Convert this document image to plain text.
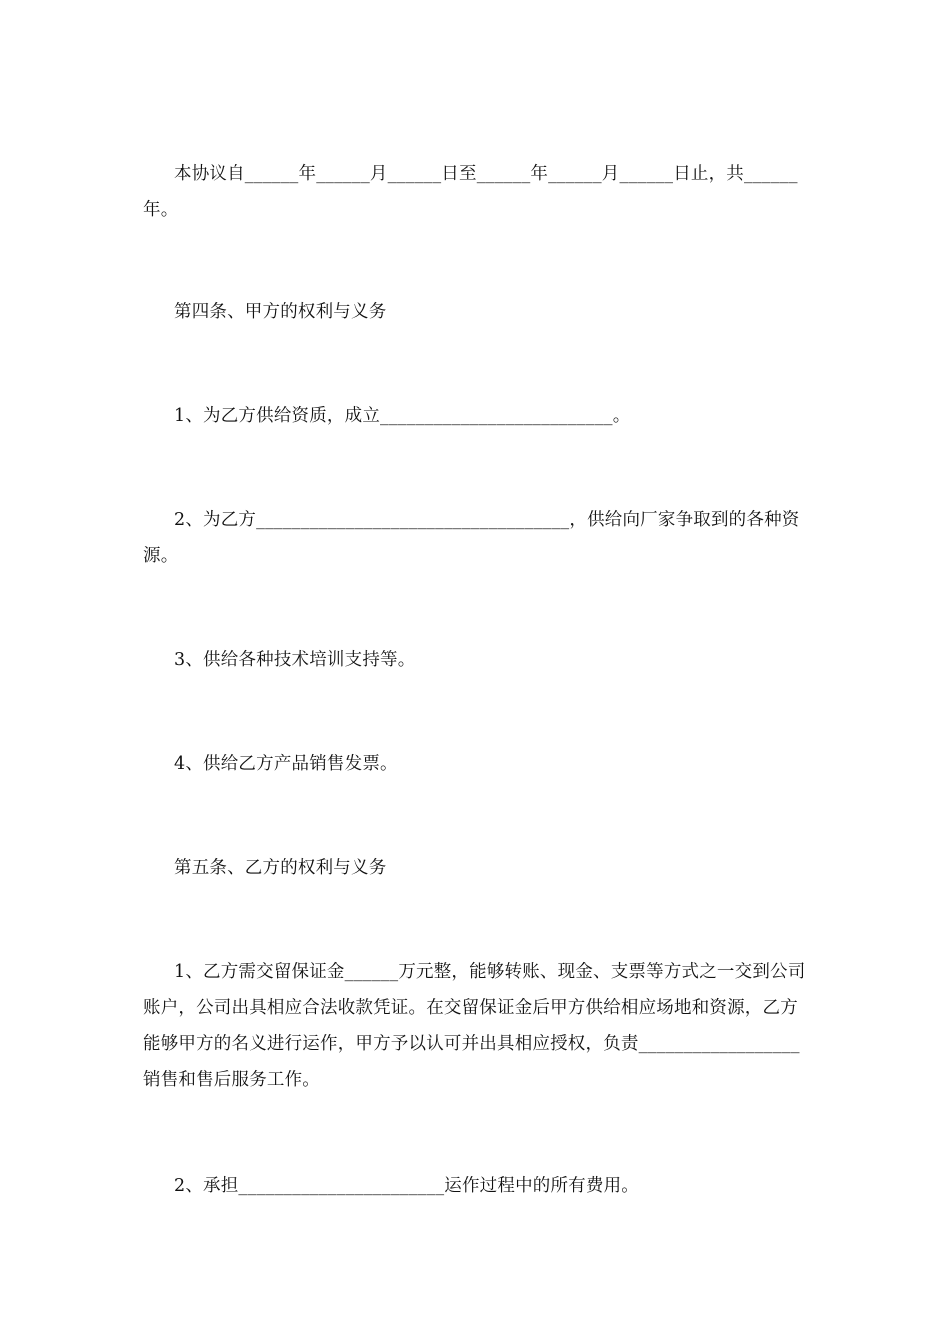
本协议自______年______月______日至______年______月______日止，共______年。
第四条、甲方的权利与义务
1、为乙方供给资质，成立__________________________。
2、为乙方___________________________________，供给向厂家争取到的各种资源。
3、供给各种技术培训支持等。
4、供给乙方产品销售发票。
第五条、乙方的权利与义务
1、乙方需交留保证金______万元整，能够转账、现金、支票等方式之一交到公司账户，公司出具相应合法收款凭证。在交留保证金后甲方供给相应场地和资源，乙方能够甲方的名义进行运作，甲方予以认可并出具相应授权，负责__________________销售和售后服务工作。
2、承担_______________________运作过程中的所有费用。
